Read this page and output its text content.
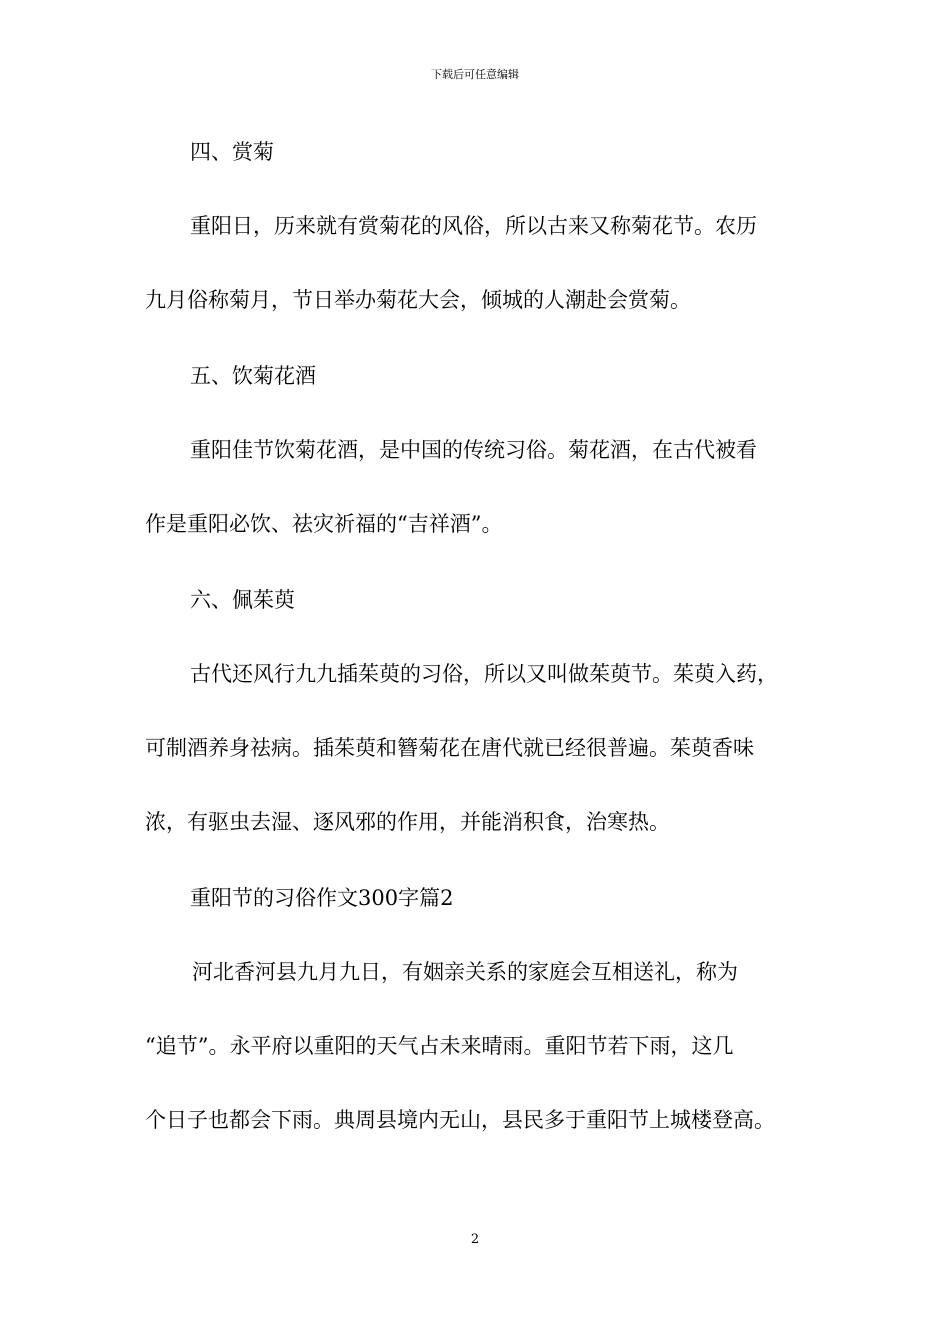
下载后可任意编辑
四、赏菊
重阳日，历来就有赏菊花的风俗，所以古来又称菊花节。农历
九月俗称菊月，节日举办菊花大会，倾城的人潮赴会赏菊。
五、饮菊花酒
重阳佳节饮菊花酒，是中国的传统习俗。菊花酒，在古代被看
作是重阳必饮、祛灾祈福的“吉祥酒”。
六、佩茱萸
古代还风行九九插茱萸的习俗，所以又叫做茱萸节。茱萸入药，
可制酒养身祛病。插茱萸和簪菊花在唐代就已经很普遍。茱萸香味
浓，有驱虫去湿、逐风邪的作用，并能消积食，治寒热。
重阳节的习俗作文300字篇2
河北香河县九月九日，有姻亲关系的家庭会互相送礼，称为
“追节”。永平府以重阳的天气占未来晴雨。重阳节若下雨，这几
个日子也都会下雨。典周县境内无山，县民多于重阳节上城楼登高。
2
